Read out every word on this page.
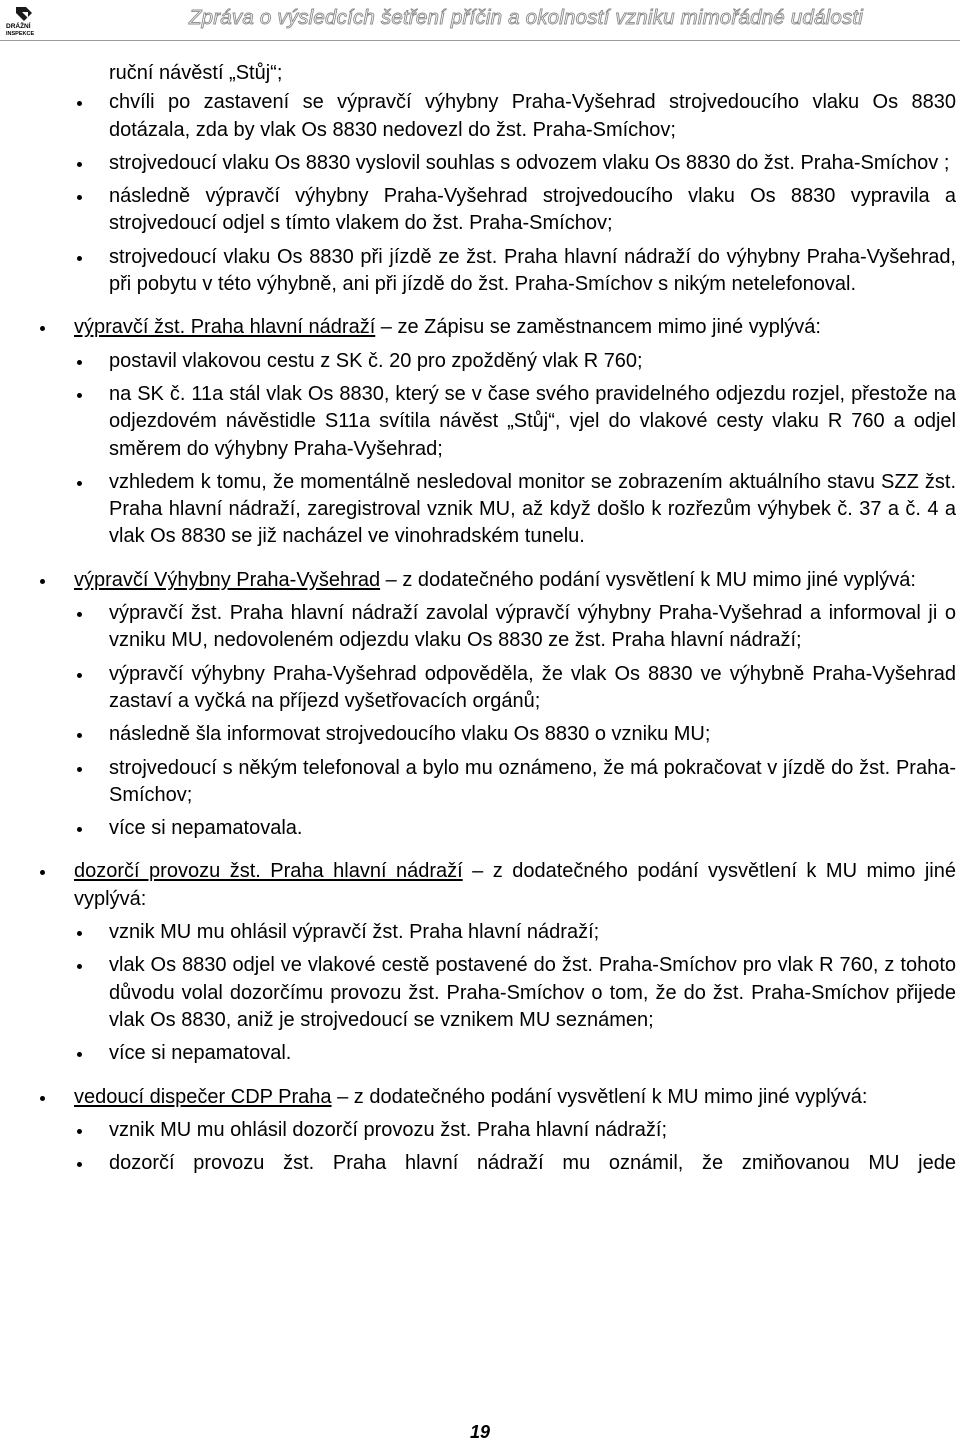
DRÁŽNÍ
INSPEKCE
Zpráva o výsledcích šetření příčin a okolností vzniku mimořádné události
ruční návěstí „Stůj“;
chvíli po zastavení se výpravčí výhybny Praha-Vyšehrad strojvedoucího vlaku Os 8830 dotázala, zda by vlak Os 8830 nedovezl do žst. Praha-Smíchov;
strojvedoucí vlaku Os 8830 vyslovil souhlas s odvozem vlaku Os 8830 do žst. Praha-Smíchov ;
následně výpravčí výhybny Praha-Vyšehrad strojvedoucího vlaku Os 8830 vypravila a strojvedoucí odjel s tímto vlakem do žst. Praha-Smíchov;
strojvedoucí vlaku Os 8830 při jízdě ze žst. Praha hlavní nádraží do výhybny Praha-Vyšehrad, při pobytu v této výhybně, ani při jízdě do žst. Praha-Smíchov s nikým netelefonoval.
výpravčí žst. Praha hlavní nádraží – ze Zápisu se zaměstnancem mimo jiné vyplývá:
postavil vlakovou cestu z SK č. 20 pro zpožděný vlak R 760;
na SK č. 11a stál vlak Os 8830, který se v čase svého pravidelného odjezdu rozjel, přestože na odjezdovém návěstidle S11a svítila návěst „Stůj“, vjel do vlakové cesty vlaku R 760 a odjel směrem do výhybny Praha-Vyšehrad;
vzhledem k tomu, že momentálně nesledoval monitor se zobrazením aktuálního stavu SZZ žst. Praha hlavní nádraží, zaregistroval vznik MU, až když došlo k rozřezům výhybek č. 37 a č. 4 a vlak Os 8830 se již nacházel ve vinohradském tunelu.
výpravčí Výhybny Praha-Vyšehrad – z dodatečného podání vysvětlení k MU mimo jiné vyplývá:
výpravčí žst. Praha hlavní nádraží zavolal výpravčí výhybny Praha-Vyšehrad a informoval ji o vzniku MU, nedovoleném odjezdu vlaku Os 8830 ze žst. Praha hlavní nádraží;
výpravčí výhybny Praha-Vyšehrad odpověděla, že vlak Os 8830 ve výhybně Praha-Vyšehrad zastaví a vyčká na příjezd vyšetřovacích orgánů;
následně šla informovat strojvedoucího vlaku Os 8830 o vzniku MU;
strojvedoucí s někým telefonoval a bylo mu oznámeno, že má pokračovat v jízdě do žst. Praha-Smíchov;
více si nepamatovala.
dozorčí provozu žst. Praha hlavní nádraží – z dodatečného podání vysvětlení k MU mimo jiné vyplývá:
vznik MU mu ohlásil výpravčí žst. Praha hlavní nádraží;
vlak Os 8830 odjel ve vlakové cestě postavené do žst. Praha-Smíchov pro vlak R 760, z tohoto důvodu volal dozorčímu provozu žst. Praha-Smíchov o tom, že do žst. Praha-Smíchov přijede vlak Os 8830, aniž je strojvedoucí se vznikem MU seznámen;
více si nepamatoval.
vedoucí dispečer CDP Praha – z dodatečného podání vysvětlení k MU mimo jiné vyplývá:
vznik MU mu ohlásil dozorčí provozu žst. Praha hlavní nádraží;
dozorčí provozu žst. Praha hlavní nádraží mu oznámil, že zmiňovanou MU jede
19
